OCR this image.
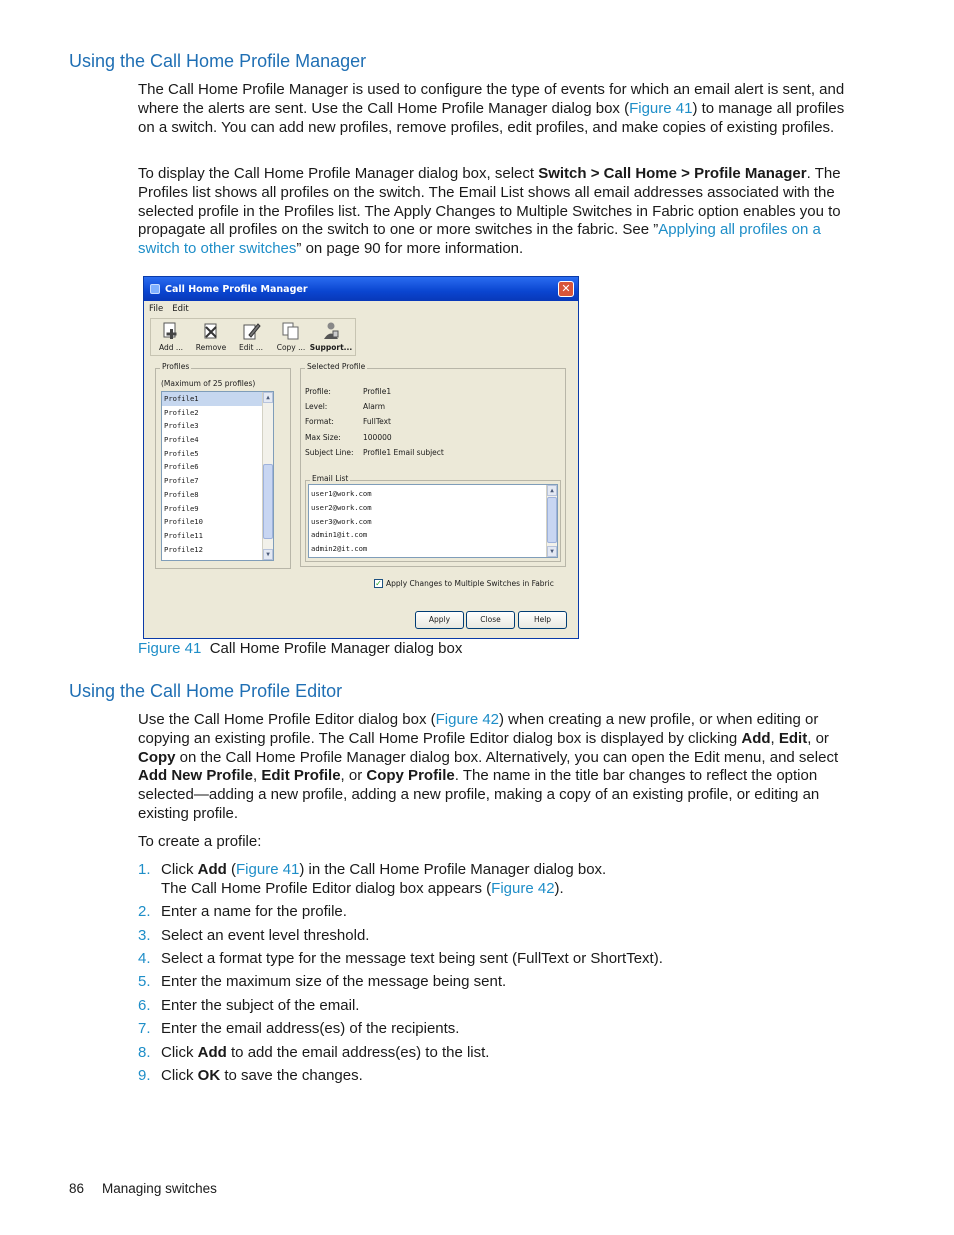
Using the Call Home Profile Manager

The Call Home Profile Manager is used to configure the type of events for which an email alert is sent, and where the alerts are sent. Use the Call Home Profile Manager dialog box (Figure 41) to manage all profiles on a switch. You can add new profiles, remove profiles, edit profiles, and make copies of existing profiles.

To display the Call Home Profile Manager dialog box, select Switch > Call Home > Profile Manager. The Profiles list shows all profiles on the switch. The Email List shows all email addresses associated with the selected profile in the Profiles list. The Apply Changes to Multiple Switches in Fabric option enables you to propagate all profiles on the switch to one or more switches in the fabric. See ”Applying all profiles on a switch to other switches” on page 90 for more information.

Call Home Profile Manager	✕
File Edit
Add ... Remove Edit ... Copy ... Support...
Profiles
(Maximum of 25 profiles)
Profile1
Profile2
Profile3
Profile4
Profile5
Profile6
Profile7
Profile8
Profile9
Profile10
Profile11
Profile12
▲
▼
Selected Profile
Profile:	Profile1
Level:	Alarm
Format:	FullText
Max Size:	100000
Subject Line: Profile1 Email subject
Email List
user1@work.com
user2@work.com
user3@work.com
admin1@it.com
admin2@it.com
▲
▼
✓ Apply Changes to Multiple Switches in Fabric
Apply	Close	Help

Figure 41 Call Home Profile Manager dialog box

Using the Call Home Profile Editor

Use the Call Home Profile Editor dialog box (Figure 42) when creating a new profile, or when editing or copying an existing profile. The Call Home Profile Editor dialog box is displayed by clicking Add, Edit, or Copy on the Call Home Profile Manager dialog box. Alternatively, you can open the Edit menu, and select Add New Profile, Edit Profile, or Copy Profile. The name in the title bar changes to reflect the option selected—adding a new profile, adding a new profile, making a copy of an existing profile, or editing an existing profile.

To create a profile:

1. Click Add (Figure 41) in the Call Home Profile Manager dialog box.
The Call Home Profile Editor dialog box appears (Figure 42).
2. Enter a name for the profile.
3. Select an event level threshold.
4. Select a format type for the message text being sent (FullText or ShortText).
5. Enter the maximum size of the message being sent.
6. Enter the subject of the email.
7. Enter the email address(es) of the recipients.
8. Click Add to add the email address(es) to the list.
9. Click OK to save the changes.
86 Managing switches
